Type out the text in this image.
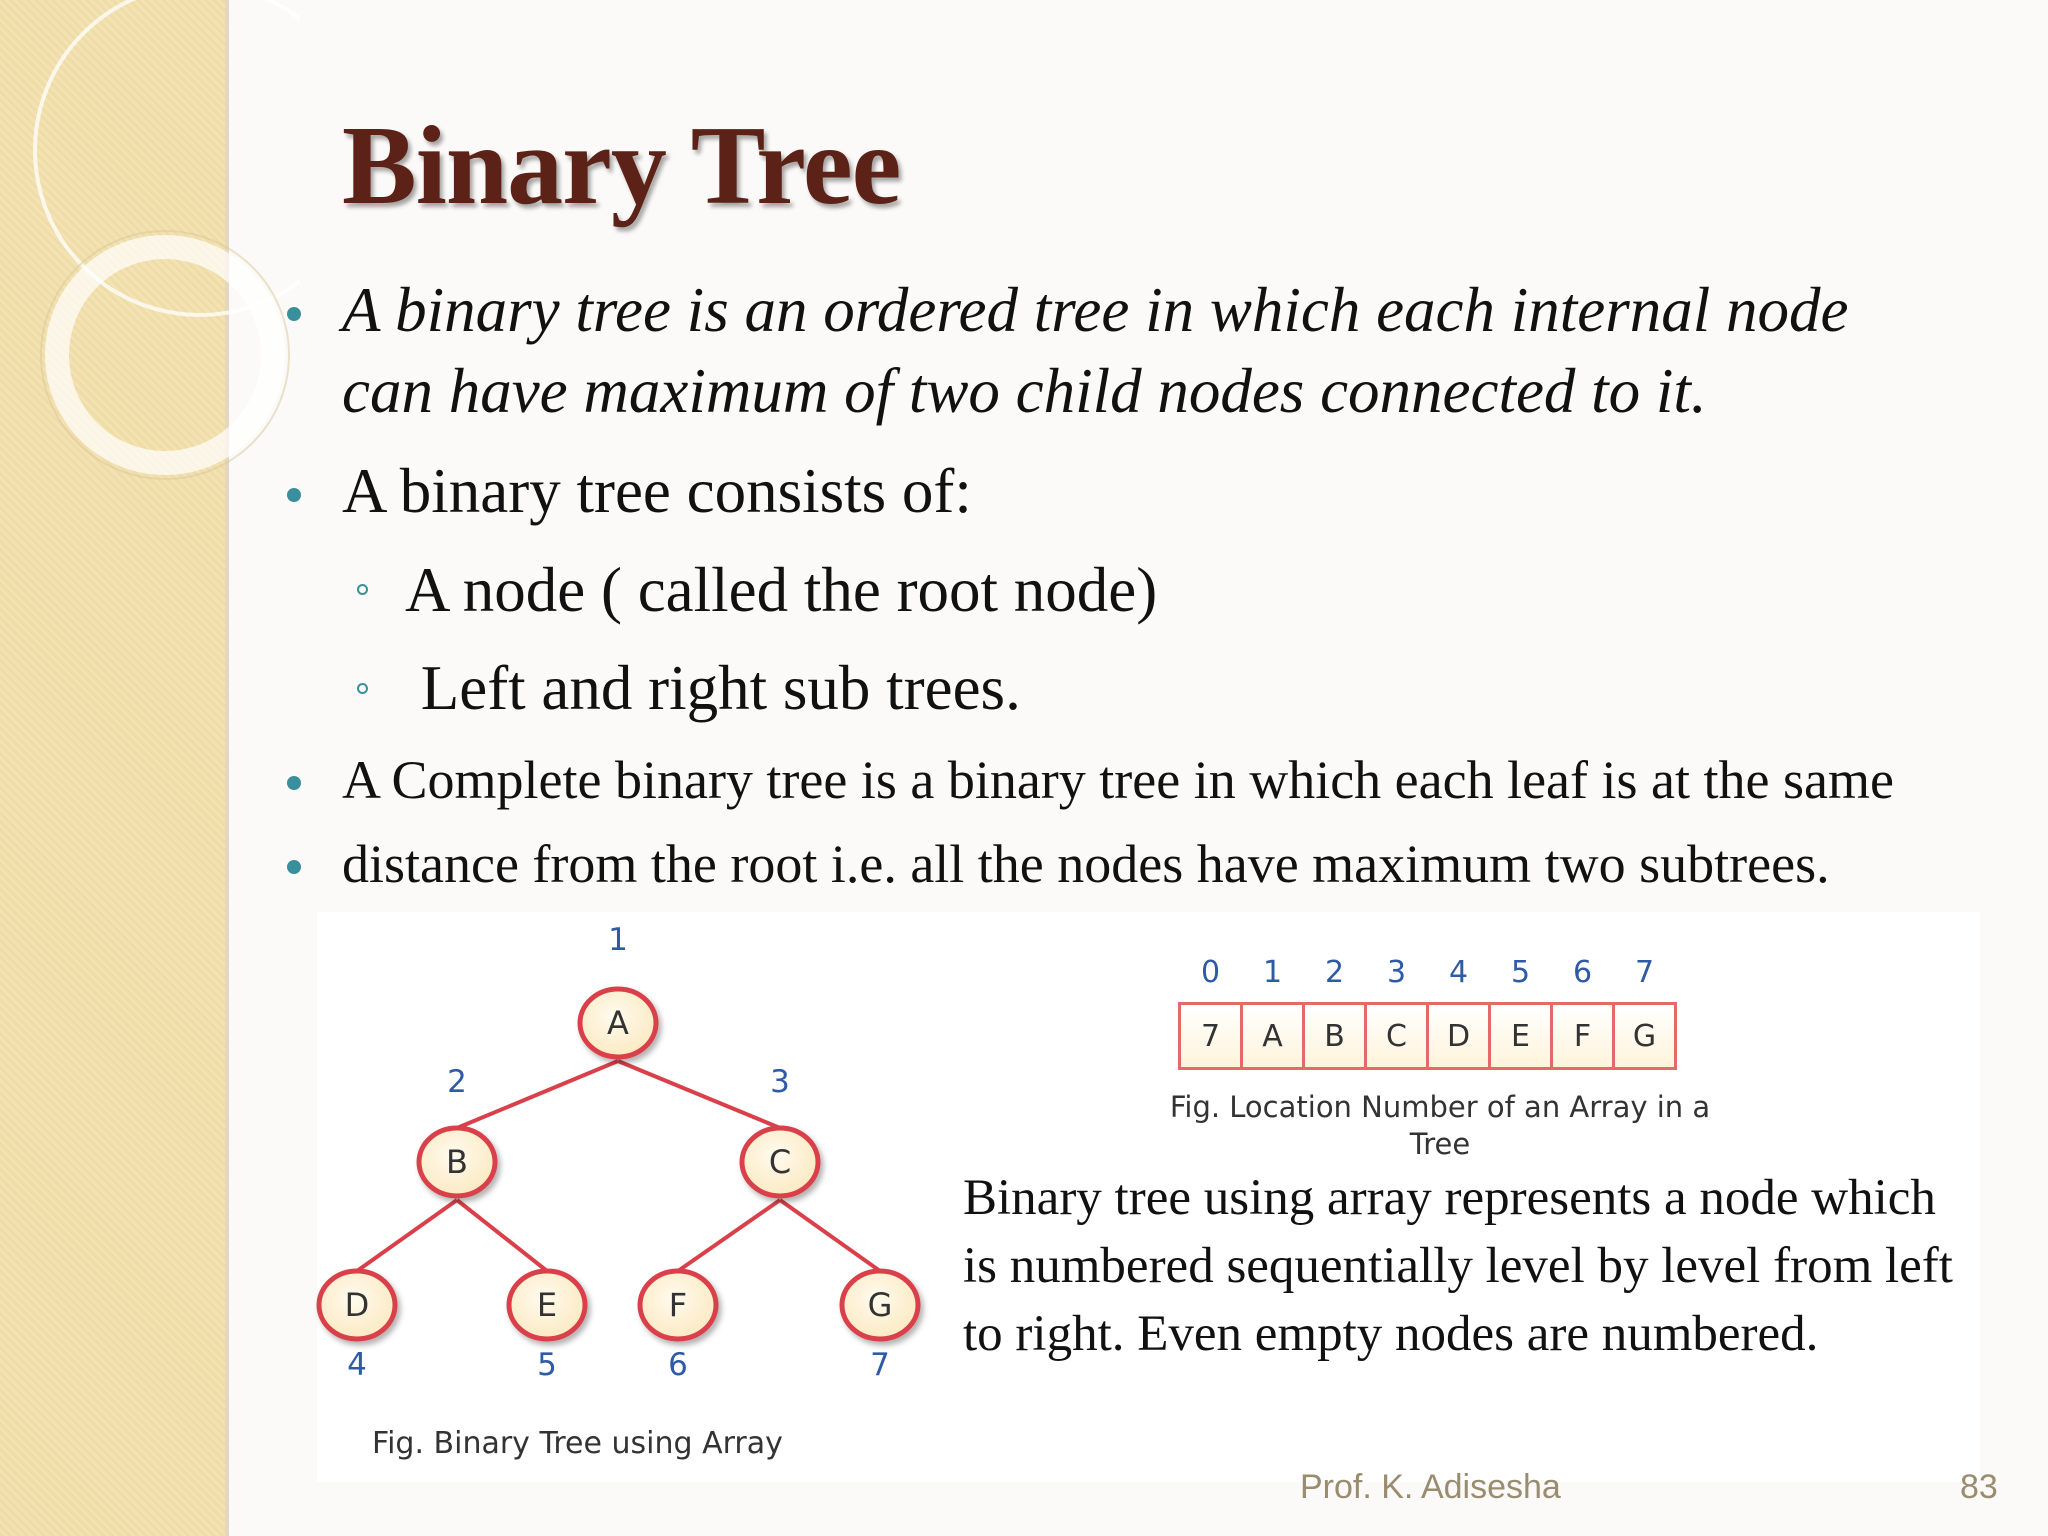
Binary Tree
A binary tree is an ordered tree in which each internal node
can have maximum of two child nodes connected to it.
A binary tree consists of:
A node ( called the root node)
Left and right sub trees.
A Complete binary tree is a binary tree in which each leaf is at the same
distance from the root i.e. all the nodes have maximum two subtrees.
A
1
B
2
C
3
D
4
E
5
F
6
G
7
Fig. Binary Tree using Array
0	1	2	3	4	5	6	7
7	A	B	C	D	E	F	G
Fig. Location Number of an Array in a
Tree

Binary tree using array represents a node which is numbered sequentially level by level from left to right. Even empty nodes are numbered.

Prof. K. Adisesha	83
